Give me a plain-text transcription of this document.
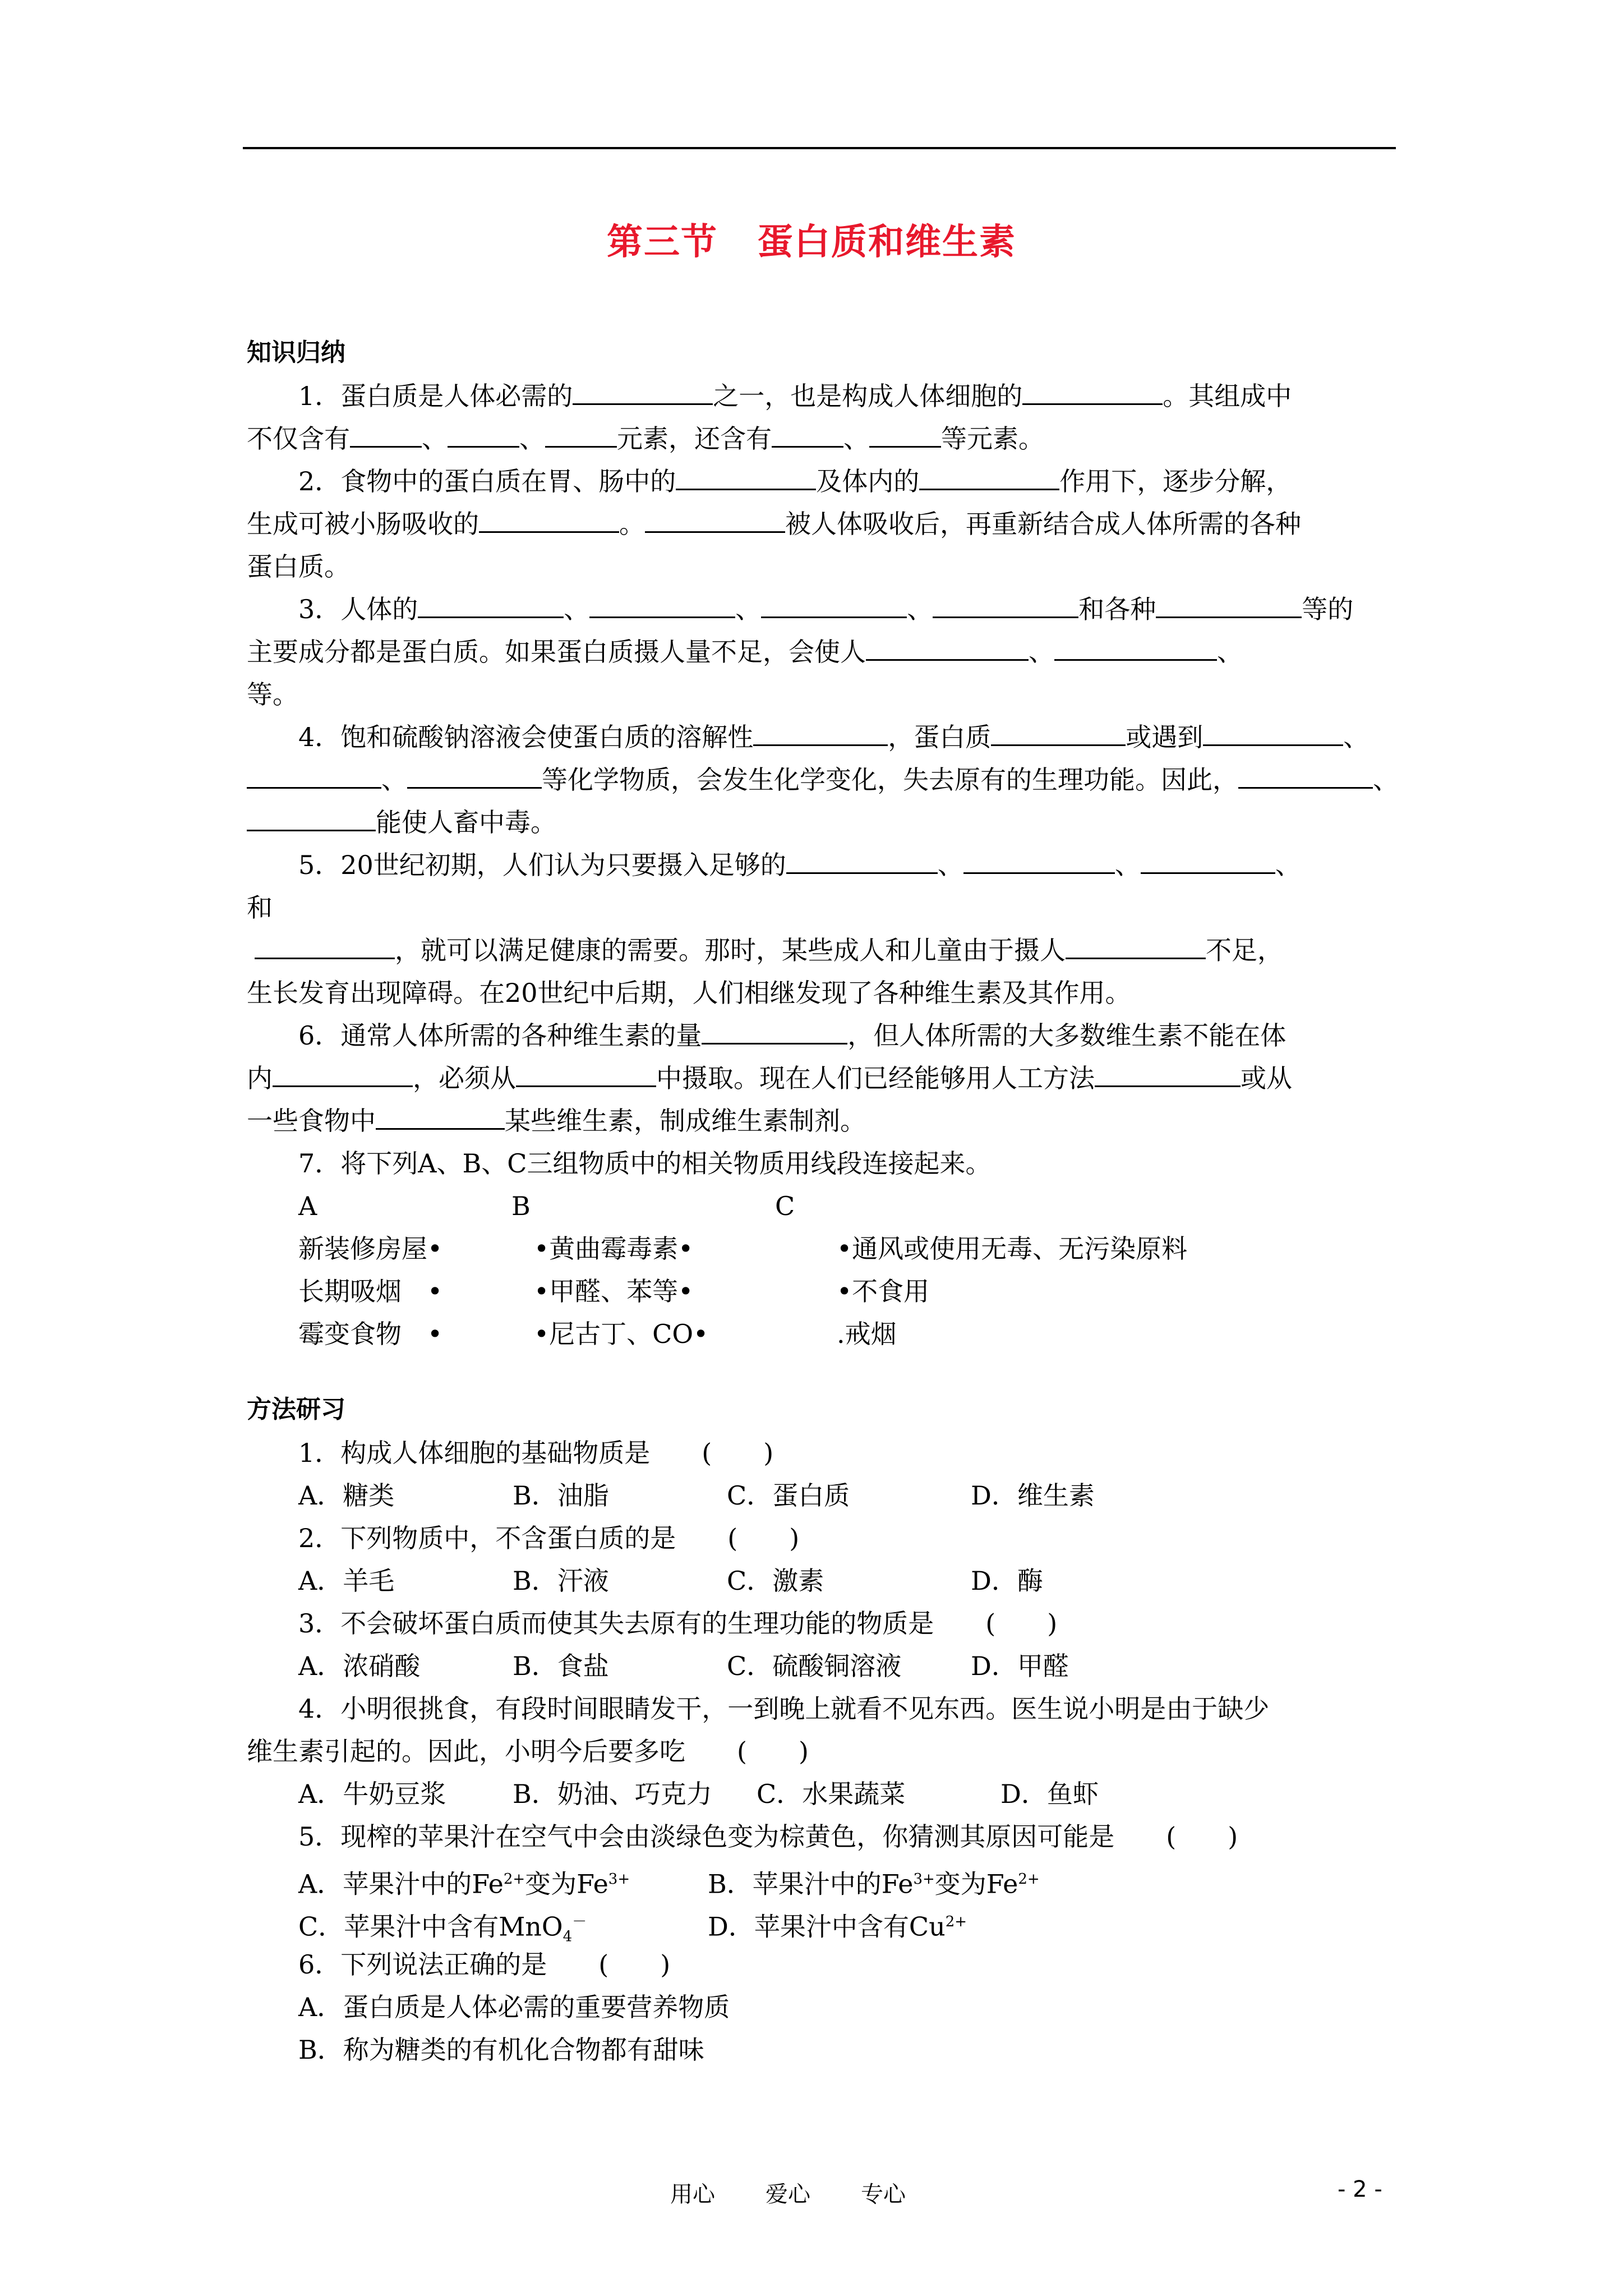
第三节 蛋白质和维生素
知识归纳
1．蛋白质是人体必需的	之一，也是构成人体细胞的	。其组成中
不仅含有	、	、	元素，还含有	、	等元素。
2．食物中的蛋白质在胃、肠中的	及体内的	作用下，逐步分解，
生成可被小肠吸收的	。	被人体吸收后，再重新结合成人体所需的各种
蛋白质。
3．人体的	、	、	、	和各种	等的
主要成分都是蛋白质。如果蛋白质摄人量不足，会使人	、	、
等。
4．饱和硫酸钠溶液会使蛋白质的溶解性	，蛋白质	或遇到	、
、	等化学物质，会发生化学变化，失去原有的生理功能。因此，	、
能使人畜中毒。
5．20世纪初期，人们认为只要摄入足够的	、	、	、
和
，就可以满足健康的需要。那时，某些成人和儿童由于摄人	不足，
生长发育出现障碍。在20世纪中后期，人们相继发现了各种维生素及其作用。
6．通常人体所需的各种维生素的量	，但人体所需的大多数维生素不能在体
内	，必须从	中摄取。现在人们已经能够用人工方法	或从
一些食物中	某些维生素，制成维生素制剂。
7．将下列A、B、C三组物质中的相关物质用线段连接起来。
A	B	C
新装修房屋•	•黄曲霉毒素•	•通风或使用无毒、无污染原料
长期吸烟　•	•甲醛、苯等•	•不食用
霉变食物　•	•尼古丁、CO•	.戒烟
方法研习
1．构成人体细胞的基础物质是　　 (　　)
A．糖类	B．油脂	C．蛋白质	D．维生素
2．下列物质中，不含蛋白质的是　　 (　　)
A．羊毛	B．汗液	C．激素	D．酶
3．不会破坏蛋白质而使其失去原有的生理功能的物质是　　 (　　)
A．浓硝酸	B．食盐	C．硫酸铜溶液	D．甲醛
4．小明很挑食，有段时间眼睛发干，一到晚上就看不见东西。医生说小明是由于缺少
维生素引起的。因此，小明今后要多吃　　 (　　)
A．牛奶豆浆	B．奶油、巧克力 C．水果蔬菜	D．鱼虾
5．现榨的苹果汁在空气中会由淡绿色变为棕黄色，你猜测其原因可能是　　 (　　)
A．苹果汁中的$Fe^{2+}$变为$Fe^{3+}$	B．苹果汁中的$Fe^{3+}$变为$Fe^{2+}$
C．苹果汁中含有MnO$_4$－	D．苹果汁中含有$Cu^{2+}$
6．下列说法正确的是　　 (　　)
A．蛋白质是人体必需的重要营养物质
B．称为糖类的有机化合物都有甜味
用心 爱心 专心	- 2 -
